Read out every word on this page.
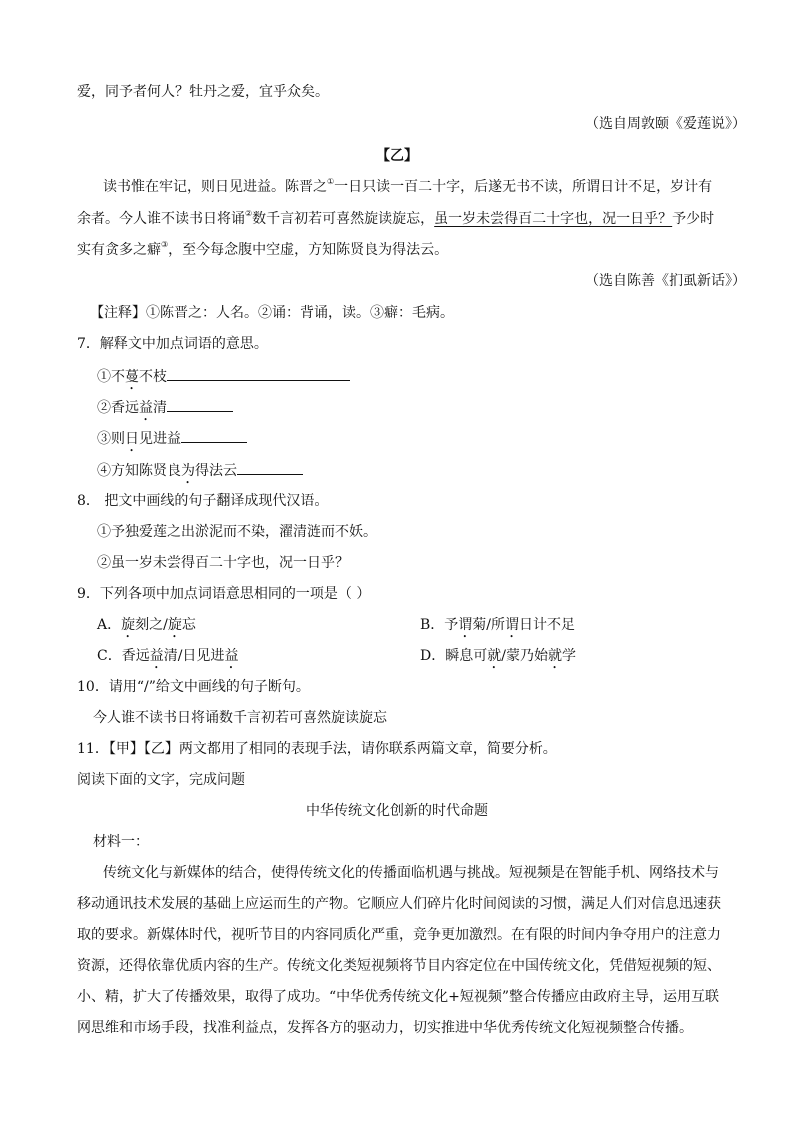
爱，同予者何人？牡丹之爱，宜乎众矣。
（选自周敦颐《爱莲说》）
【乙】
读书惟在牢记，则日见进益。陈晋之①一日只读一百二十字，后遂无书不读，所谓日计不足，岁计有
余者。今人谁不读书日将诵②数千言初若可喜然旋读旋忘，虽一岁未尝得百二十字也，况一日乎？予少时
实有贪多之癖③，至今每念腹中空虚，方知陈贤良为得法云。
（选自陈善《扪虱新话》）
【注释】①陈晋之：人名。②诵：背诵，读。③癖：毛病。
7．解释文中加点词语的意思。
①不蔓不枝
②香远益清
③则日见进益
④方知陈贤良为得法云
8． 把文中画线的句子翻译成现代汉语。
①予独爱莲之出淤泥而不染，濯清涟而不妖。
②虽一岁未尝得百二十字也，况一日乎？
9．下列各项中加点词语意思相同的一项是（ ）
A．旋刻之/旋忘	B．予谓菊/所谓日计不足
C．香远益清/日见进益	D．瞬息可就/蒙乃始就学
10．请用“/”给文中画线的句子断句。
今人谁不读书日将诵数千言初若可喜然旋读旋忘
11．【甲】【乙】两文都用了相同的表现手法，请你联系两篇文章，简要分析。
阅读下面的文字，完成问题
中华传统文化创新的时代命题
材料一：
传统文化与新媒体的结合，使得传统文化的传播面临机遇与挑战。短视频是在智能手机、网络技术与
移动通讯技术发展的基础上应运而生的产物。它顺应人们碎片化时间阅读的习惯，满足人们对信息迅速获
取的要求。新媒体时代，视听节目的内容同质化严重，竞争更加激烈。在有限的时间内争夺用户的注意力
资源，还得依靠优质内容的生产。传统文化类短视频将节目内容定位在中国传统文化，凭借短视频的短、
小、精，扩大了传播效果，取得了成功。“中华优秀传统文化+短视频”整合传播应由政府主导，运用互联
网思维和市场手段，找准利益点，发挥各方的驱动力，切实推进中华优秀传统文化短视频整合传播。
